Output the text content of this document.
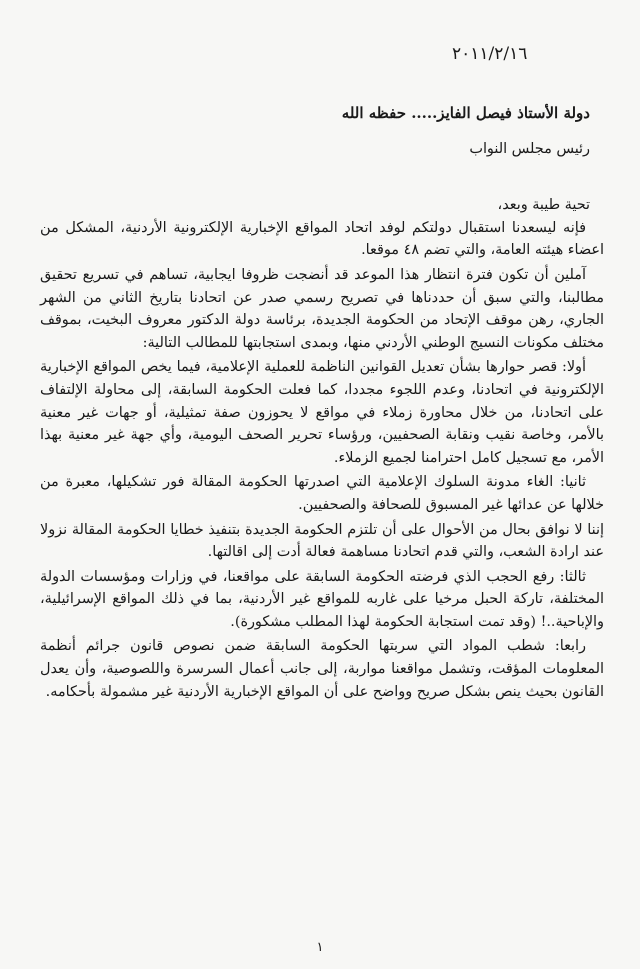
٢٠١١/٢/١٦

دولة الأستاذ فيصل الفايز..... حفظه الله

رئيس مجلس النواب

تحية طيبة وبعد،

فإنه ليسعدنا استقبال دولتكم لوفد اتحاد المواقع الإخبارية الإلكترونية الأردنية، المشكل من اعضاء هيئته العامة، والتي تضم ٤٨ موقعا.

آملين أن تكون فترة انتظار هذا الموعد قد أنضجت ظروفا ايجابية، تساهم في تسريع تحقيق مطالبنا، والتي سبق أن حددناها في تصريح رسمي صدر عن اتحادنا بتاريخ الثاني من الشهر الجاري، رهن موقف الإتحاد من الحكومة الجديدة، برئاسة دولة الدكتور معروف البخيت، بموقف مختلف مكونات النسيج الوطني الأردني منها، وبمدى استجابتها للمطالب التالية:

أولا: قصر حوارها بشأن تعديل القوانين الناظمة للعملية الإعلامية، فيما يخص المواقع الإخبارية الإلكترونية في اتحادنا، وعدم اللجوء مجددا، كما فعلت الحكومة السابقة، إلى محاولة الإلتفاف على اتحادنا، من خلال محاورة زملاء في مواقع لا يحوزون صفة تمثيلية، أو جهات غير معنية بالأمر، وخاصة نقيب ونقابة الصحفيين، ورؤساء تحرير الصحف اليومية، وأي جهة غير معنية بهذا الأمر، مع تسجيل كامل احترامنا لجميع الزملاء.

ثانيا: الغاء مدونة السلوك الإعلامية التي اصدرتها الحكومة المقالة فور تشكيلها، معبرة من خلالها عن عدائها غير المسبوق للصحافة والصحفيين.

إننا لا نوافق بحال من الأحوال على أن تلتزم الحكومة الجديدة بتنفيذ خطايا الحكومة المقالة نزولا عند ارادة الشعب، والتي قدم اتحادنا مساهمة فعالة أدت إلى اقالتها.

ثالثا: رفع الحجب الذي فرضته الحكومة السابقة على مواقعنا، في وزارات ومؤسسات الدولة المختلفة، تاركة الحبل مرخيا على غاربه للمواقع غير الأردنية، بما في ذلك المواقع الإسرائيلية، والإباحية..! (وقد تمت استجابة الحكومة لهذا المطلب مشكورة).

رابعا: شطب المواد التي سربتها الحكومة السابقة ضمن نصوص قانون جرائم أنظمة المعلومات المؤقت، وتشمل مواقعنا مواربة، إلى جانب أعمال السرسرة واللصوصية، وأن يعدل القانون بحيث ينص بشكل صريح وواضح على أن المواقع الإخبارية الأردنية غير مشمولة بأحكامه.

١
